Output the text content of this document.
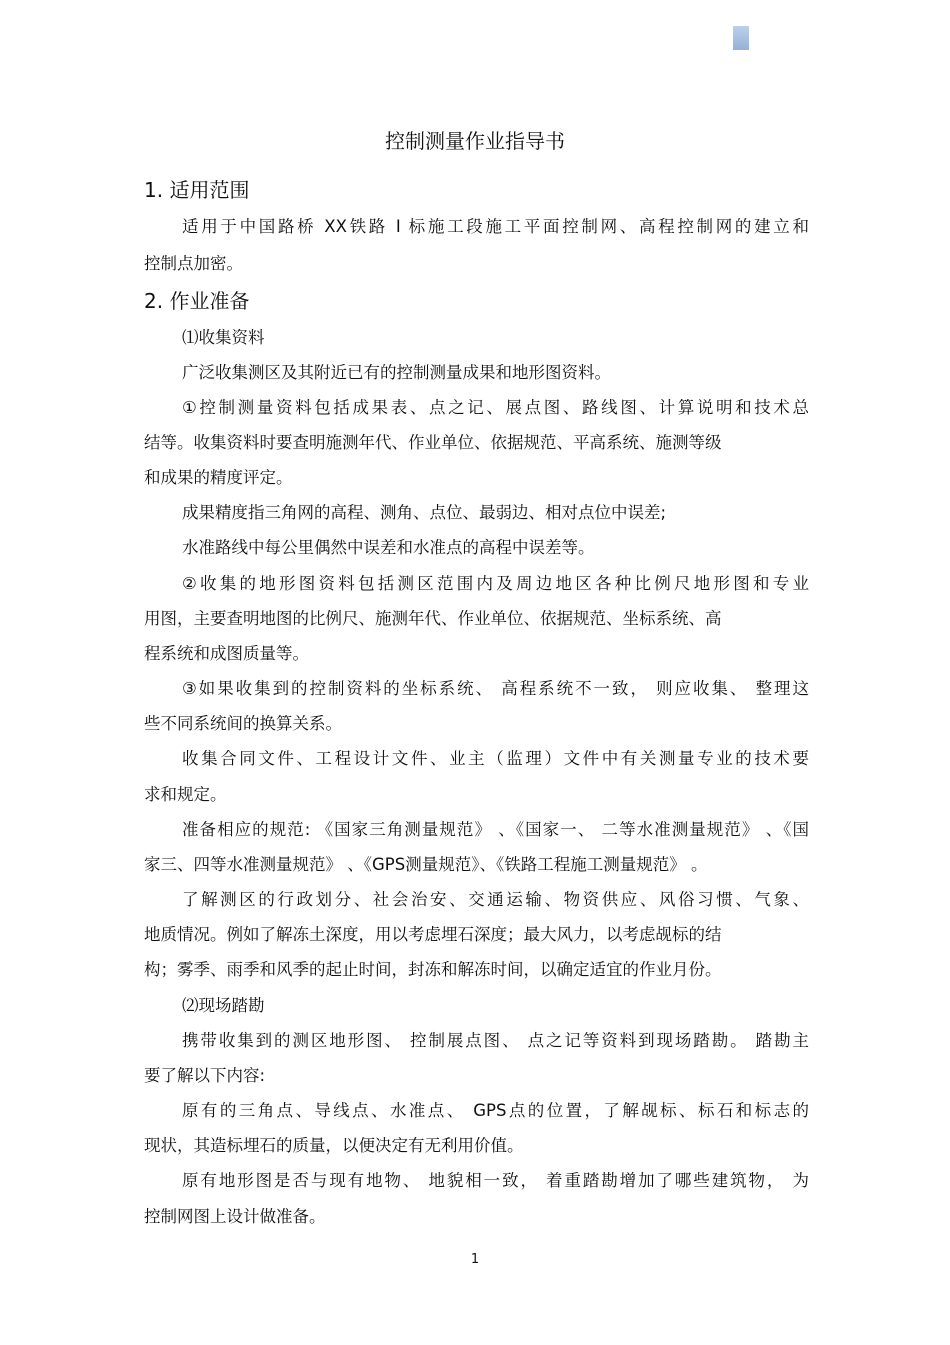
控制测量作业指导书
1. 适用范围
适用于中国路桥 XX铁路 I 标施工段施工平面控制网、高程控制网的建立和
控制点加密。
2. 作业准备
⑴收集资料
广泛收集测区及其附近已有的控制测量成果和地形图资料。
①控制测量资料包括成果表、点之记、展点图、路线图、计算说明和技术总
结等。收集资料时要查明施测年代、作业单位、依据规范、平高系统、施测等级
和成果的精度评定。
成果精度指三角网的高程、测角、点位、最弱边、相对点位中误差;
水准路线中每公里偶然中误差和水准点的高程中误差等。
②收集的地形图资料包括测区范围内及周边地区各种比例尺地形图和专业
用图，主要查明地图的比例尺、施测年代、作业单位、依据规范、坐标系统、高
程系统和成图质量等。
③如果收集到的控制资料的坐标系统、 高程系统不一致， 则应收集、 整理这
些不同系统间的换算关系。
收集合同文件、工程设计文件、业主（监理）文件中有关测量专业的技术要
求和规定。
准备相应的规范: 《国家三角测量规范》 、《国家一、 二等水准测量规范》 、《国
家三、四等水准测量规范》 、《GPS测量规范》、《铁路工程施工测量规范》 。
了解测区的行政划分、社会治安、交通运输、物资供应、风俗习惯、气象、
地质情况。例如了解冻土深度，用以考虑埋石深度；最大风力，以考虑觇标的结
构；雾季、雨季和风季的起止时间，封冻和解冻时间，以确定适宜的作业月份。
⑵现场踏勘
携带收集到的测区地形图、 控制展点图、 点之记等资料到现场踏勘。 踏勘主
要了解以下内容:
原有的三角点、导线点、水准点、 GPS点的位置，了解觇标、标石和标志的
现状，其造标埋石的质量，以便决定有无利用价值。
原有地形图是否与现有地物、 地貌相一致， 着重踏勘增加了哪些建筑物， 为
控制网图上设计做准备。
1
